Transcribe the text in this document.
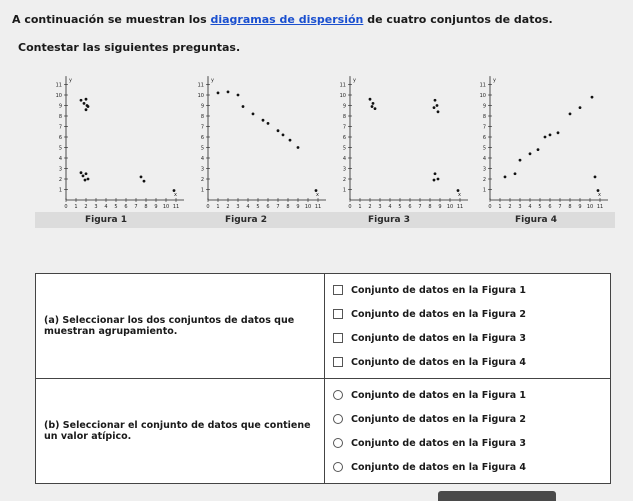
A continuación se muestran los diagramas de dispersión de cuatro conjuntos de datos.
Contestar las siguientes preguntas.
0 1 2 3 4 5 6 7 8 9 10 11
1
2
3
4
5
6
7
8
9
10
11
y
x
0 1 2 3 4 5 6 7 8 9 10 11
1
2
3
4
5
6
7
8
9
10
11
y
x
0 1 2 3 4 5 6 7 8 9 10 11
1
2
3
4
5
6
7
8
9
10
11
y
x
0 1 2 3 4 5 6 7 8 9 10 11
1
2
3
4
5
6
7
8
9
10
11
y
x
Figura 1	Figura 2	Figura 3	Figura 4
(a) Seleccionar los dos conjuntos de datos que muestran agrupamiento.	Conjunto de datos en la Figura 1
Conjunto de datos en la Figura 2
Conjunto de datos en la Figura 3
Conjunto de datos en la Figura 4

(b) Seleccionar el conjunto de datos que contiene un valor atípico.	Conjunto de datos en la Figura 1
Conjunto de datos en la Figura 2
Conjunto de datos en la Figura 3
Conjunto de datos en la Figura 4
